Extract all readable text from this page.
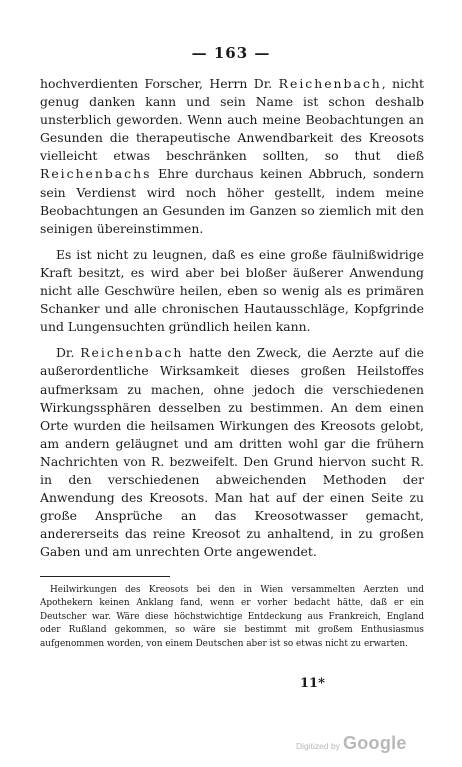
— 163 —

hochverdienten Forscher, Herrn Dr. Reichenbach, nicht genug danken kann und sein Name ist schon deshalb unsterblich geworden. Wenn auch meine Beobachtungen an Gesunden die therapeutische Anwendbarkeit des Kreosots vielleicht etwas beschränken sollten, so thut dieß Reichenbachs Ehre durchaus keinen Abbruch, sondern sein Verdienst wird noch höher gestellt, indem meine Beobachtungen an Gesunden im Ganzen so ziemlich mit den seinigen übereinstimmen.

Es ist nicht zu leugnen, daß es eine große fäulnißwidrige Kraft besitzt, es wird aber bei bloßer äußerer Anwendung nicht alle Geschwüre heilen, eben so wenig als es primären Schanker und alle chronischen Hautausschläge, Kopfgrinde und Lungensuchten gründlich heilen kann.

Dr. Reichenbach hatte den Zweck, die Aerzte auf die außerordentliche Wirksamkeit dieses großen Heilstoffes aufmerksam zu machen, ohne jedoch die verschiedenen Wirkungssphären desselben zu bestimmen. An dem einen Orte wurden die heilsamen Wirkungen des Kreosots gelobt, am andern geläugnet und am dritten wohl gar die frühern Nachrichten von R. bezweifelt. Den Grund hiervon sucht R. in den verschiedenen abweichenden Methoden der Anwendung des Kreosots. Man hat auf der einen Seite zu große Ansprüche an das Kreosotwasser gemacht, andererseits das reine Kreosot zu anhaltend, in zu großen Gaben und am unrechten Orte angewendet.

Heilwirkungen des Kreosots bei den in Wien versammelten Aerzten und Apothekern keinen Anklang fand, wenn er vorher bedacht hätte, daß er ein Deutscher war. Wäre diese höchstwichtige Entdeckung aus Frankreich, England oder Rußland gekommen, so wäre sie bestimmt mit großem Enthusiasmus aufgenommen worden, von einem Deutschen aber ist so etwas nicht zu erwarten.

11*
Digitized by Google
